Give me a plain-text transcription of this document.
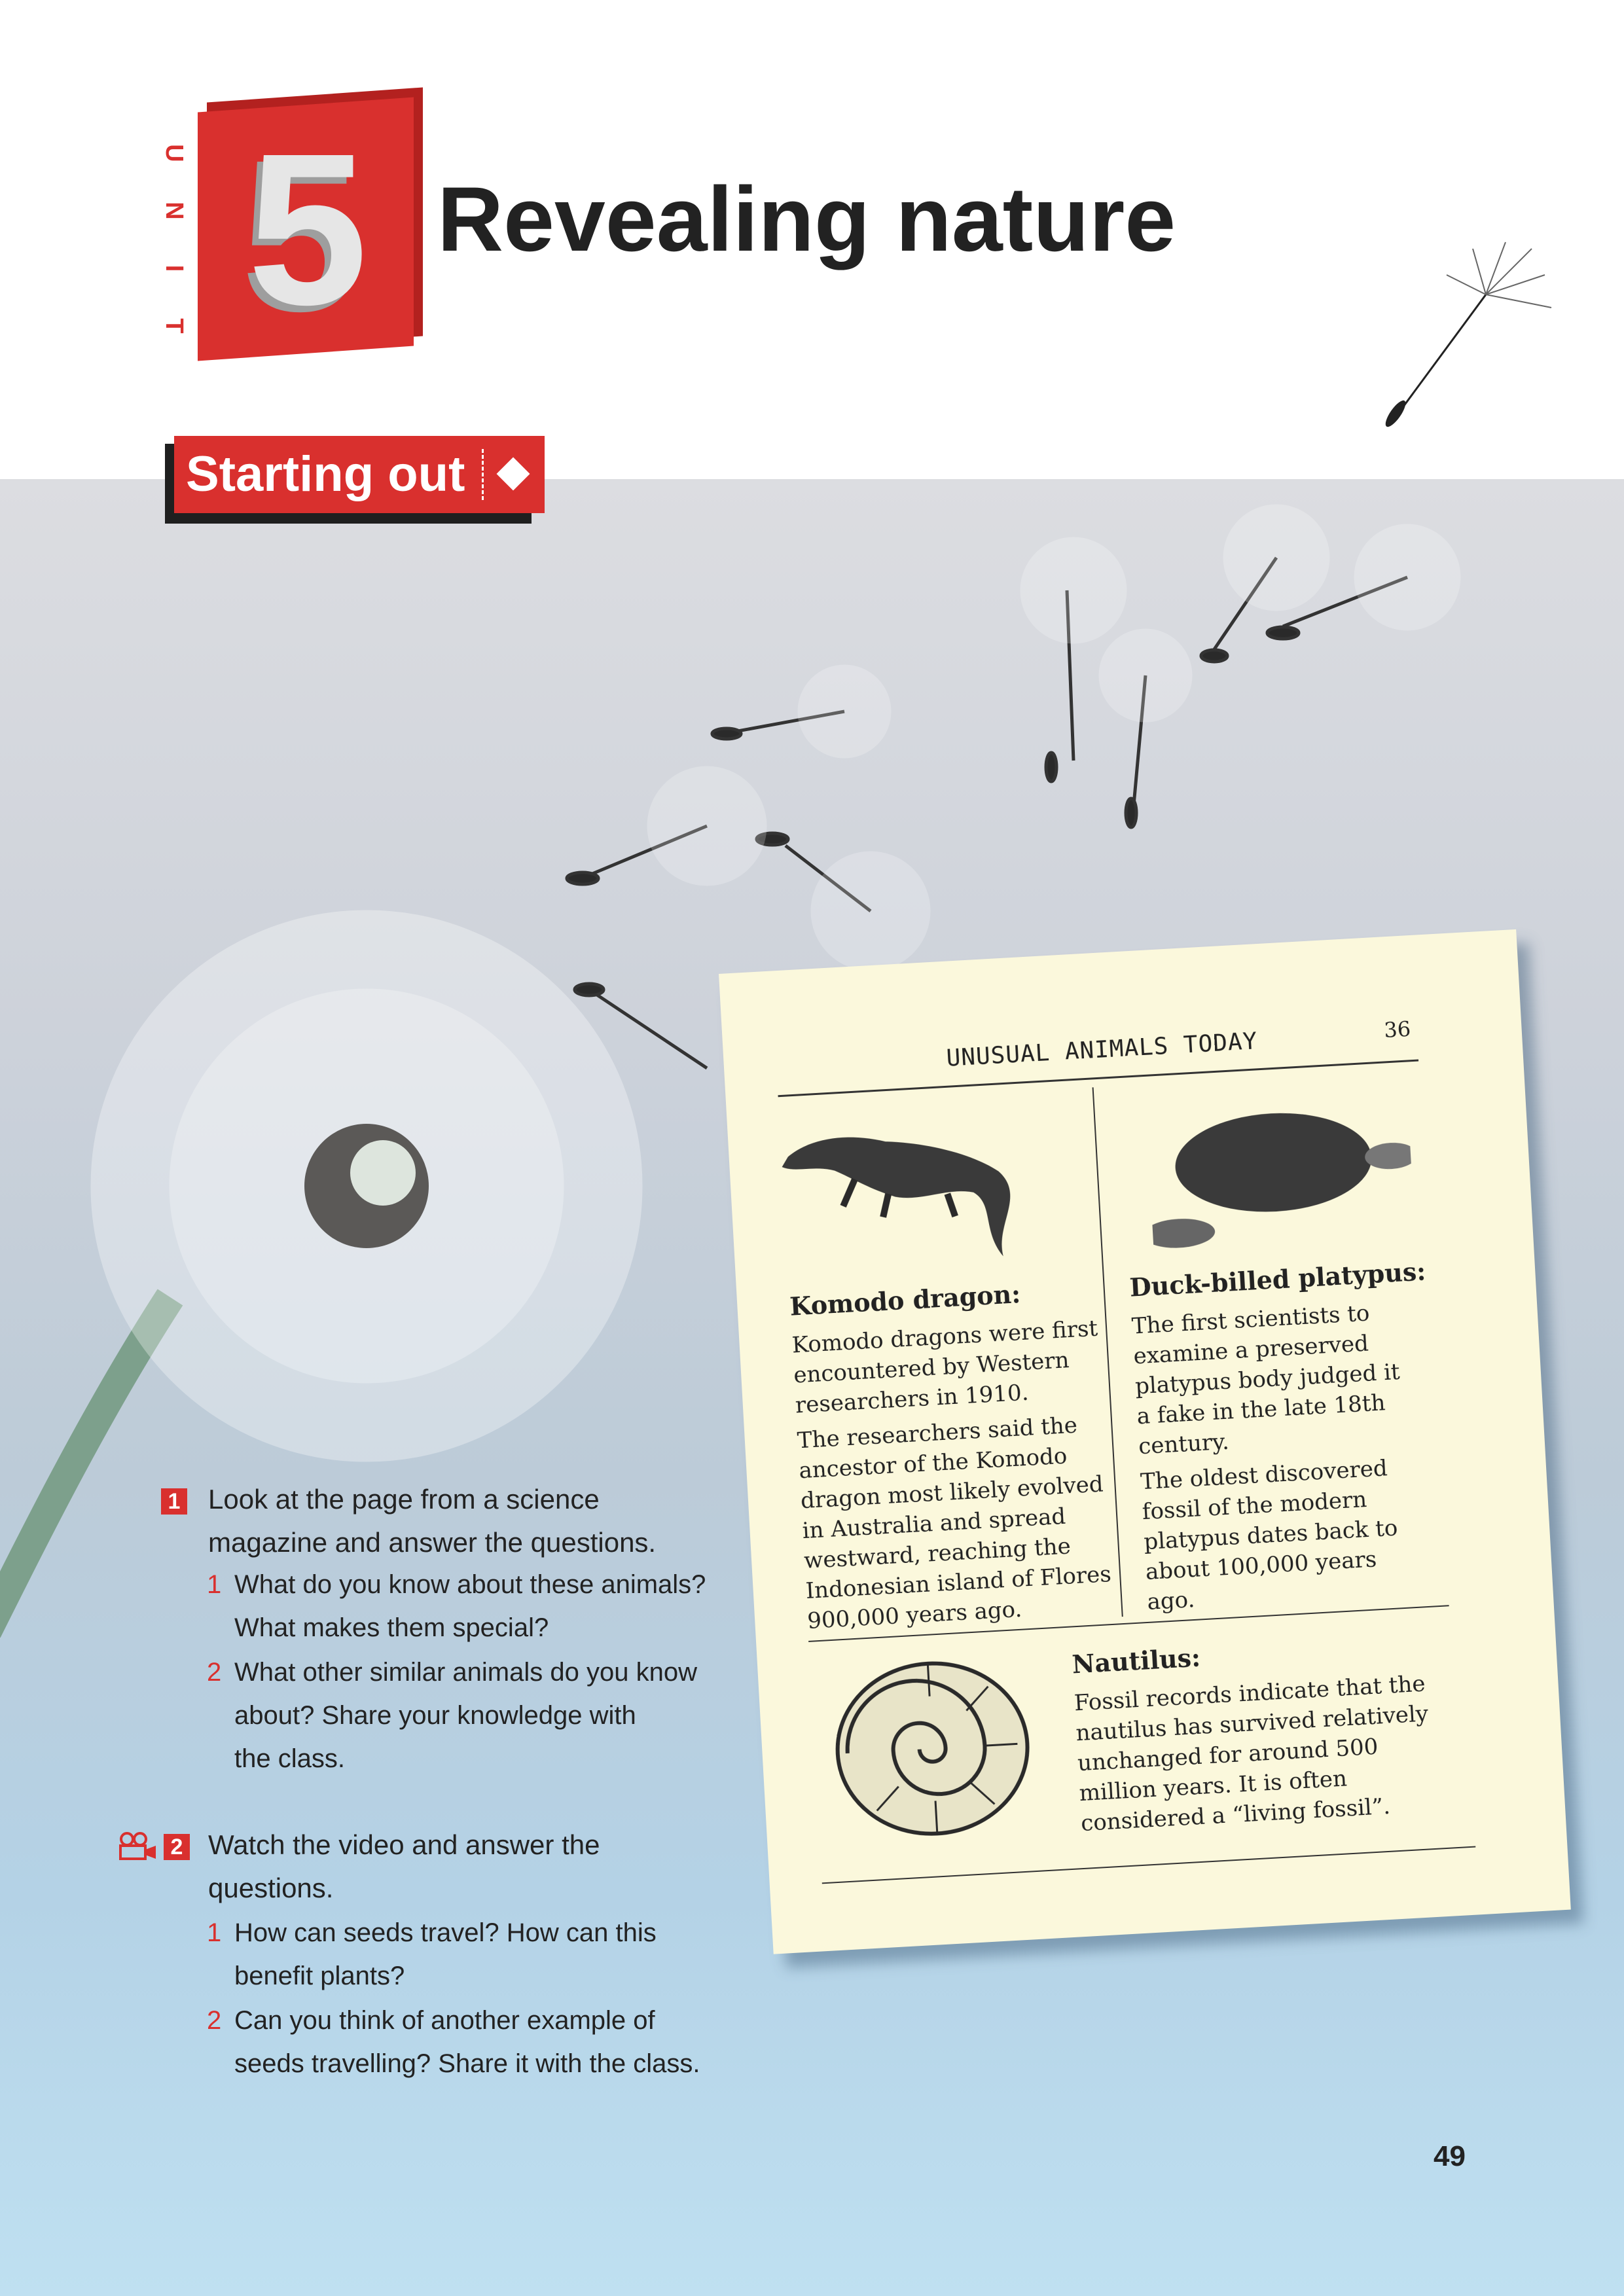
U
N
I
T 5 Revealing nature
Starting out
UNUSUAL ANIMALS TODAY	36
Komodo dragon:

Komodo dragons were first encountered by Western researchers in 1910.

The researchers said the ancestor of the Komodo dragon most likely evolved in Australia and spread westward, reaching the Indonesian island of Flores 900,000 years ago.

Duck-billed platypus:

The first scientists to examine a preserved platypus body judged it a fake in the late 18th century.

The oldest discovered fossil of the modern platypus dates back to about 100,000 years ago.

Nautilus:

Fossil records indicate that the nautilus has survived relatively unchanged for around 500 million years. It is often considered a “living fossil”.

1 Look at the page from a science
magazine and answer the questions.
1 What do you know about these animals?
What makes them special?
2 What other similar animals do you know
about? Share your knowledge with
the class.
2 Watch the video and answer the
questions.
1 How can seeds travel? How can this
benefit plants?
2 Can you think of another example of
seeds travelling? Share it with the class.
49
